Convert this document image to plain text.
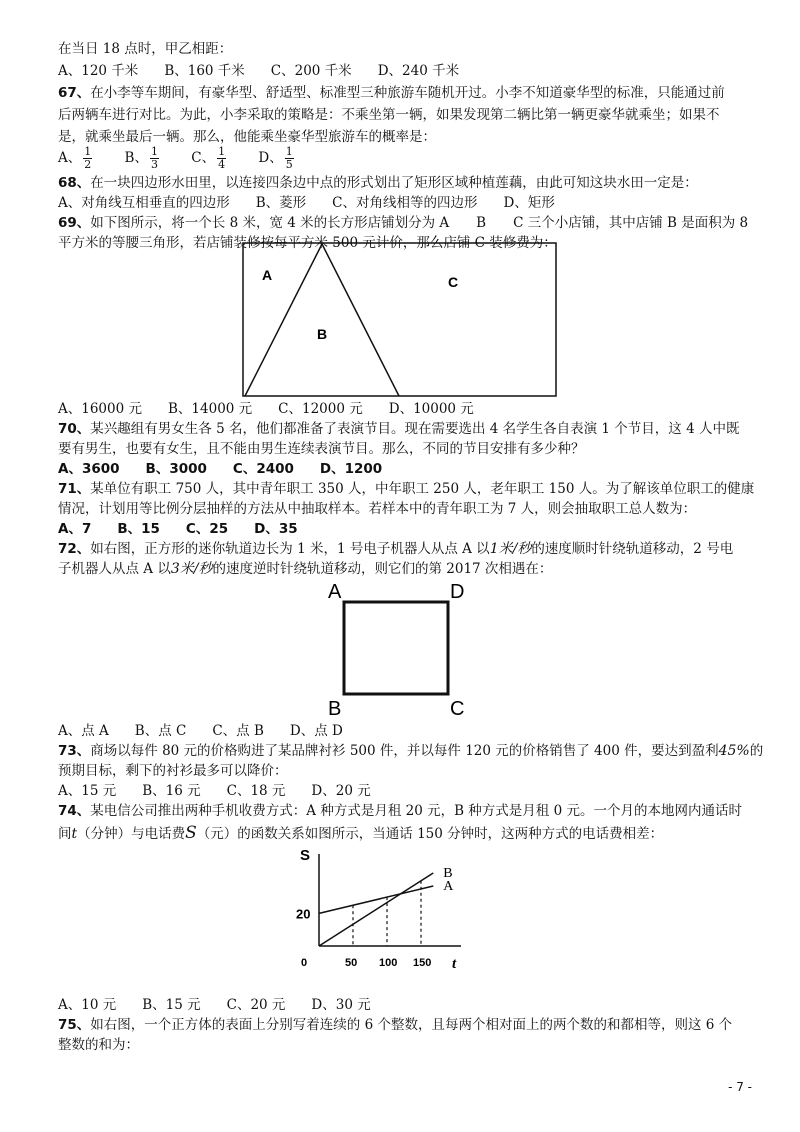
在当日 18 点时，甲乙相距：
A、120 千米 B、160 千米 C、200 千米 D、240 千米
67、在小李等车期间，有豪华型、舒适型、标准型三种旅游车随机开过。小李不知道豪华型的标准，只能通过前
后两辆车进行对比。为此，小李采取的策略是：不乘坐第一辆，如果发现第二辆比第一辆更豪华就乘坐；如果不
是，就乘坐最后一辆。那么，他能乘坐豪华型旅游车的概率是：
A、 $\frac{1}{2}$ B、 $\frac{1}{3}$ C、 $\frac{1}{4}$ D、 $\frac{1}{5}$
68、在一块四边形水田里，以连接四条边中点的形式划出了矩形区域种植莲藕，由此可知这块水田一定是：
A、对角线互相垂直的四边形 B、菱形 C、对角线相等的四边形 D、矩形
69、如下图所示，将一个长 8 米，宽 4 米的长方形店铺划分为 A　　B　　C 三个小店铺，其中店铺 B 是面积为 8
平方米的等腰三角形，若店铺装修按每平方米 500 元计价，那么店铺 C 装修费为：
A
B
C
A、16000 元 B、14000 元 C、12000 元 D、10000 元
70、某兴趣组有男女生各 5 名，他们都准备了表演节目。现在需要选出 4 名学生各自表演 1 个节目，这 4 人中既
要有男生，也要有女生，且不能由男生连续表演节目。那么，不同的节目安排有多少种？
A、3600 B、3000 C、2400 D、1200
71、某单位有职工 750 人，其中青年职工 350 人，中年职工 250 人，老年职工 150 人。为了解该单位职工的健康
情况，计划用等比例分层抽样的方法从中抽取样本。若样本中的青年职工为 7 人，则会抽取职工总人数为：
A、7 B、15 C、25 D、35
72、如右图，正方形的迷你轨道边长为 1 米，1 号电子机器人从点 A 以1米/秒的速度顺时针绕轨道移动，2 号电
子机器人从点 A 以3米/秒的速度逆时针绕轨道移动，则它们的第 2017 次相遇在：
A	D
B	C
A、点 A B、点 C C、点 B D、点 D
73、商场以每件 80 元的价格购进了某品牌衬衫 500 件，并以每件 120 元的价格销售了 400 件，要达到盈利45%的
预期目标，剩下的衬衫最多可以降价：
A、15 元 B、16 元 C、18 元 D、20 元
74、某电信公司推出两种手机收费方式：A 种方式是月租 20 元，B 种方式是月租 0 元。一个月的本地网内通话时
间t（分钟）与电话费S（元）的函数关系如图所示，当通话 150 分钟时，这两种方式的电话费相差：
S
t
A
B
0	50 100 150
20
A、10 元 B、15 元 C、20 元 D、30 元
75、如右图，一个正方体的表面上分别写着连续的 6 个整数，且每两个相对面上的两个数的和都相等，则这 6 个
整数的和为：
- 7 -
